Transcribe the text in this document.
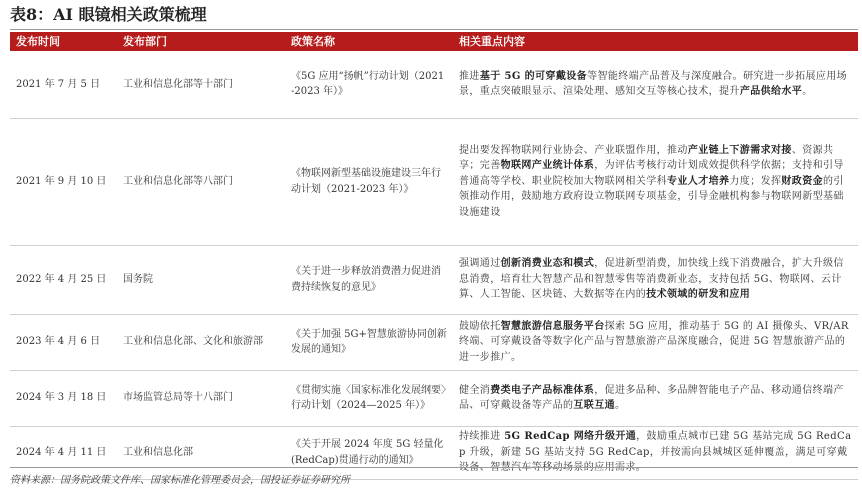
表8：AI 眼镜相关政策梳理
发布时间	发布部门	政策名称	相关重点内容
2021 年 7 月 5 日	工业和信息化部等十部门	《5G 应用“扬帆”行动计划（2021-2023 年）》	推进基于 5G 的可穿戴设备等智能终端产品普及与深度融合。研究进一步拓展应用场景，重点突破眼显示、渲染处理、感知交互等核心技术，提升产品供给水平。
2021 年 9 月 10 日	工业和信息化部等八部门	《物联网新型基础设施建设三年行动计划（2021-2023 年）》	提出要发挥物联网行业协会、产业联盟作用，推动产业链上下游需求对接、资源共享；完善物联网产业统计体系，为评估考核行动计划成效提供科学依据；支持和引导普通高等学校、职业院校加大物联网相关学科专业人才培养力度；发挥财政资金的引领推动作用，鼓励地方政府设立物联网专项基金，引导金融机构参与物联网新型基础设施建设
2022 年 4 月 25 日	国务院	《关于进一步释放消费潜力促进消费持续恢复的意见》	强调通过创新消费业态和模式，促进新型消费，加快线上线下消费融合，扩大升级信息消费，培育壮大智慧产品和智慧零售等消费新业态，支持包括 5G、物联网、云计算、人工智能、区块链、大数据等在内的技术领域的研发和应用
2023 年 4 月 6 日	工业和信息化部、文化和旅游部	《关于加强 5G+智慧旅游协同创新发展的通知》	鼓励依托智慧旅游信息服务平台探索 5G 应用，推动基于 5G 的 AI 摄像头、VR/AR 终端、可穿戴设备等数字化产品与智慧旅游产品深度融合，促进 5G 智慧旅游产品的进一步推广。
2024 年 3 月 18 日	市场监管总局等十八部门	《贯彻实施〈国家标准化发展纲要〉行动计划（2024—2025 年）》	健全消费类电子产品标准体系，促进多品种、多品牌智能电子产品、移动通信终端产品、可穿戴设备等产品的互联互通。
2024 年 4 月 11 日	工业和信息化部	《关于开展 2024 年度 5G 轻量化(RedCap)贯通行动的通知》	持续推进 5G RedCap 网络升级开通，鼓励重点城市已建 5G 基站完成 5G RedCap 升级，新建 5G 基站支持 5G RedCap，并按需向县城城区延伸覆盖，满足可穿戴设备、智慧汽车等移动场景的应用需求。
资料来源：国务院政策文件库、国家标准化管理委员会，国投证券证券研究所
